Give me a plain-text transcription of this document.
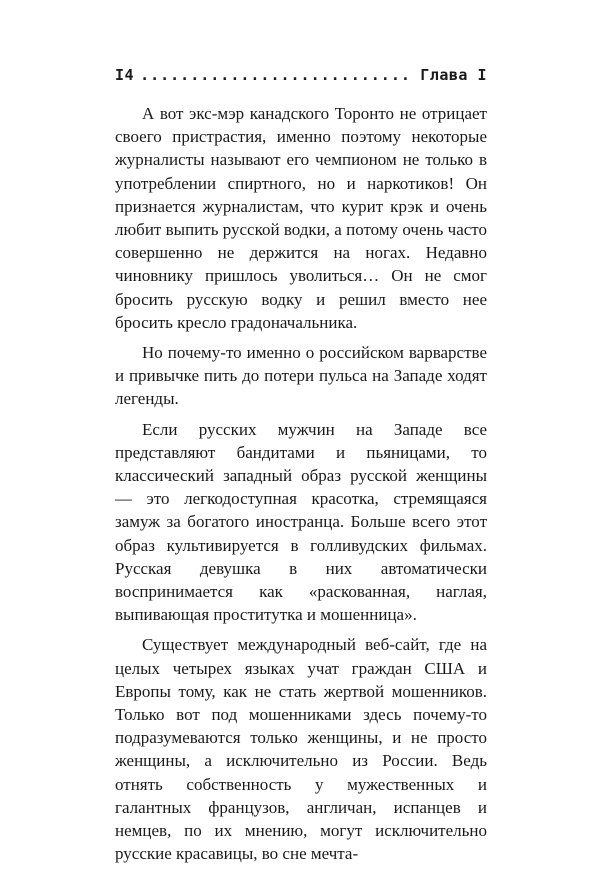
I4
.....	Глава I

А вот экс-мэр канадского Торонто не отрицает своего пристрастия, именно поэтому некоторые журналисты называют его чемпионом не только в употреблении спиртного, но и наркотиков! Он признается журналистам, что курит крэк и очень любит выпить русской водки, а потому очень часто совершенно не держится на ногах. Недавно чиновнику пришлось уволиться… Он не смог бросить русскую водку и решил вместо нее бросить кресло градоначальника.

Но почему-то именно о российском варварстве и привычке пить до потери пульса на Западе ходят легенды.

Если русских мужчин на Западе все представляют бандитами и пьяницами, то классический западный образ русской женщины — это легкодоступная красотка, стремящаяся замуж за богатого иностранца. Больше всего этот образ культивируется в голливудских фильмах. Русская девушка в них автоматически воспринимается как «раскованная, наглая, выпивающая проститутка и мошенница».

Существует международный веб-сайт, где на целых четырех языках учат граждан США и Европы тому, как не стать жертвой мошенников. Только вот под мошенниками здесь почему-то подразумеваются только женщины, и не просто женщины, а исключительно из России. Ведь отнять собственность у мужественных и галантных французов, англичан, испанцев и немцев, по их мнению, могут исключительно русские красавицы, во сне мечта-
